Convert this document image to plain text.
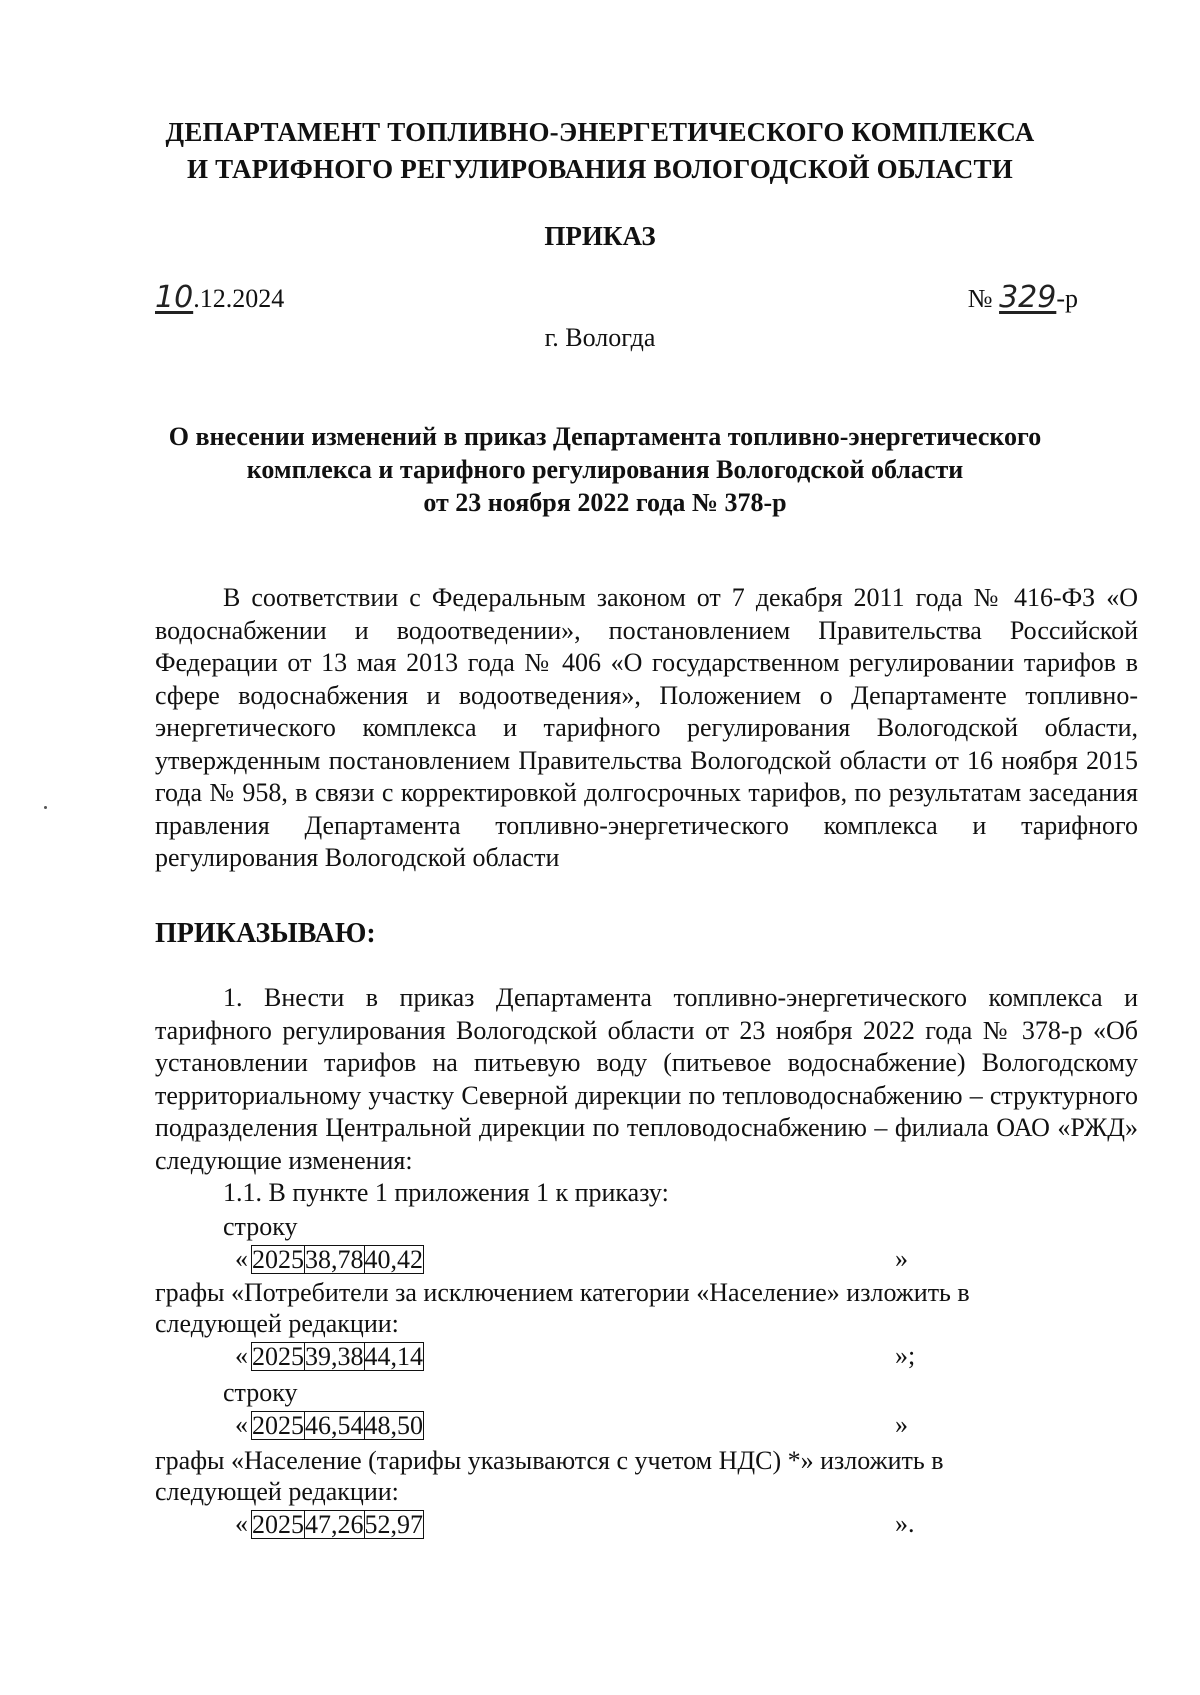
ДЕПАРТАМЕНТ ТОПЛИВНО-ЭНЕРГЕТИЧЕСКОГО КОМПЛЕКСА
И ТАРИФНОГО РЕГУЛИРОВАНИЯ ВОЛОГОДСКОЙ ОБЛАСТИ
ПРИКАЗ
10.12.2024	№ 329-р
г. Вологда
О внесении изменений в приказ Департамента топливно-энергетического
комплекса и тарифного регулирования Вологодской области
от 23 ноября 2022 года № 378-р
В соответствии с Федеральным законом от 7 декабря 2011 года № 416-ФЗ «О водоснабжении и водоотведении», постановлением Правительства Российской Федерации от 13 мая 2013 года № 406 «О государственном регулировании тарифов в сфере водоснабжения и водоотведения», Положением о Департаменте топливно-энергетического комплекса и тарифного регулирования Вологодской области, утвержденным постановлением Правительства Вологодской области от 16 ноября 2015 года № 958, в связи с корректировкой долгосрочных тарифов, по результатам заседания правления Департамента топливно-энергетического комплекса и тарифного регулирования Вологодской области
ПРИКАЗЫВАЮ:
1. Внести в приказ Департамента топливно-энергетического комплекса и тарифного регулирования Вологодской области от 23 ноября 2022 года № 378-р «Об установлении тарифов на питьевую воду (питьевое водоснабжение) Вологодскому территориальному участку Северной дирекции по тепловодоснабжению – структурного подразделения Центральной дирекции по тепловодоснабжению – филиала ОАО «РЖД» следующие изменения:
1.1. В пункте 1 приложения 1 к приказу:
строку
« 2025	38,78	40,42	»
графы «Потребители за исключением категории «Население» изложить в
следующей редакции:
« 2025	39,38	44,14	»;
строку
« 2025	46,54	48,50	»
графы «Население (тарифы указываются с учетом НДС) *» изложить в
следующей редакции:
« 2025	47,26	52,97	».
